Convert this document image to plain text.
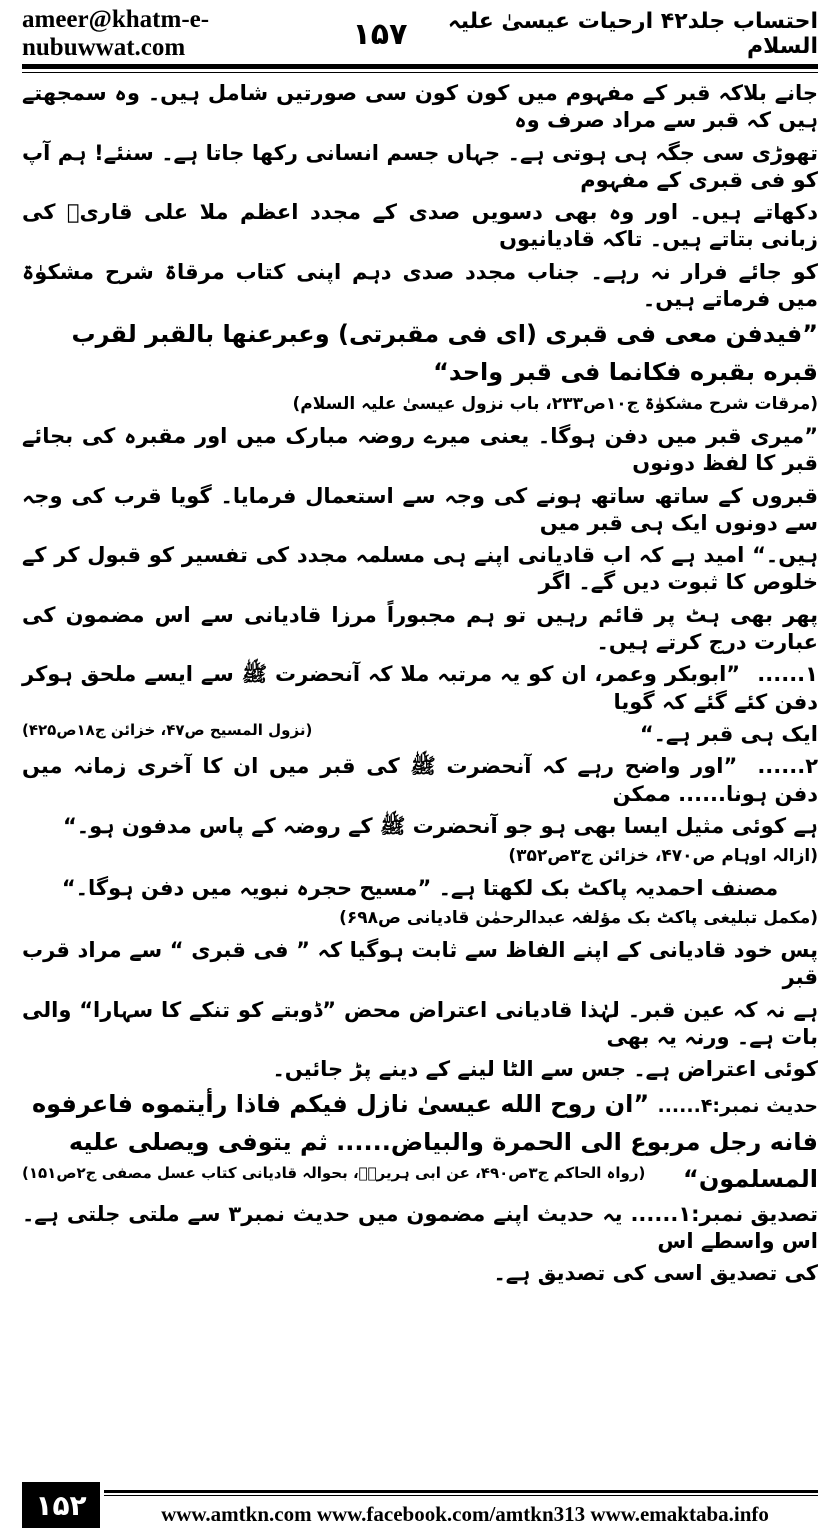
ameer@khatm-e-nubuwwat.com	۱۵۷	احتساب جلد۴۲ ارحیات عیسیٰ علیہ السلام

جانے بلاکہ قبر کے مفہوم میں کون کون سی صورتیں شامل ہیں۔ وہ سمجھتے ہیں کہ قبر سے مراد صرف وہ

تھوڑی سی جگہ ہی ہوتی ہے۔ جہاں جسم انسانی رکھا جاتا ہے۔ سنئے! ہم آپ کو فی قبری کے مفہوم

دکھاتے ہیں۔ اور وہ بھی دسویں صدی کے مجدد اعظم ملا علی قاریؒ کی زبانی بتاتے ہیں۔ تاکہ قادیانیوں

کو جائے فرار نہ رہے۔ جناب مجدد صدی دہم اپنی کتاب مرقاۃ شرح مشکوٰۃ میں فرماتے ہیں۔

”فیدفن معی فی قبری (ای فی مقبرتی) وعبرعنها بالقبر لقرب

قبره بقبره فکانما فی قبر واحد“

(مرقات شرح مشکوٰۃ ج۱۰ص۲۳۳، باب نزول عیسیٰ علیہ السلام)

”میری قبر میں دفن ہوگا۔ یعنی میرے روضہ مبارک میں اور مقبرہ کی بجائے قبر کا لفظ دونوں

قبروں کے ساتھ ساتھ ہونے کی وجہ سے استعمال فرمایا۔ گویا قرب کی وجہ سے دونوں ایک ہی قبر میں

ہیں۔“ امید ہے کہ اب قادیانی اپنے ہی مسلمہ مجدد کی تفسیر کو قبول کر کے خلوص کا ثبوت دیں گے۔ اگر

پھر بھی ہٹ پر قائم رہیں تو ہم مجبوراً مرزا قادیانی سے اس مضمون کی عبارت درج کرتے ہیں۔

۱...... ”ابوبکر وعمر، ان کو یہ مرتبہ ملا کہ آنحضرت ﷺ سے ایسے ملحق ہوکر دفن کئے گئے کہ گویا

ایک ہی قبر ہے۔“
(نزول المسیح ص۴۷، خزائن ج۱۸ص۴۲۵)

۲...... ”اور واضح رہے کہ آنحضرت ﷺ کی قبر میں ان کا آخری زمانہ میں دفن ہونا...... ممکن

ہے کوئی مثیل ایسا بھی ہو جو آنحضرت ﷺ کے روضہ کے پاس مدفون ہو۔“

(ازالہ اوہام ص۴۷۰، خزائن ج۳ص۳۵۲)

مصنف احمدیہ پاکٹ بک لکھتا ہے۔ ”مسیح حجرہ نبویہ میں دفن ہوگا۔“

(مکمل تبلیغی پاکٹ بک مؤلفہ عبدالرحمٰن قادیانی ص۶۹۸)

پس خود قادیانی کے اپنے الفاظ سے ثابت ہوگیا کہ ” فی قبری “ سے مراد قرب قبر

ہے نہ کہ عین قبر۔ لہٰذا قادیانی اعتراض محض ”ڈوبتے کو تنکے کا سہارا“ والی بات ہے۔ ورنہ یہ بھی

کوئی اعتراض ہے۔ جس سے الٹا لینے کے دینے پڑ جائیں۔

حدیث نمبر:۴...... ”ان روح الله عیسیٰ نازل فیکم فاذا رأیتموه فاعرفوه

فانه رجل مربوع الی الحمرة والبیاض...... ثم یتوفی ویصلی علیه

المسلمون“
(رواہ الحاکم ج۳ص۴۹۰، عن ابی ہریرۃؓ، بحوالہ قادیانی کتاب عسل مصفی ج۲ص۱۵۱)

تصدیق نمبر:۱...... یہ حدیث اپنے مضمون میں حدیث نمبر۳ سے ملتی جلتی ہے۔ اس واسطے اس

کی تصدیق اسی کی تصدیق ہے۔

۱۵۲	www.amtkn.com www.facebook.com/amtkn313 www.emaktaba.info
